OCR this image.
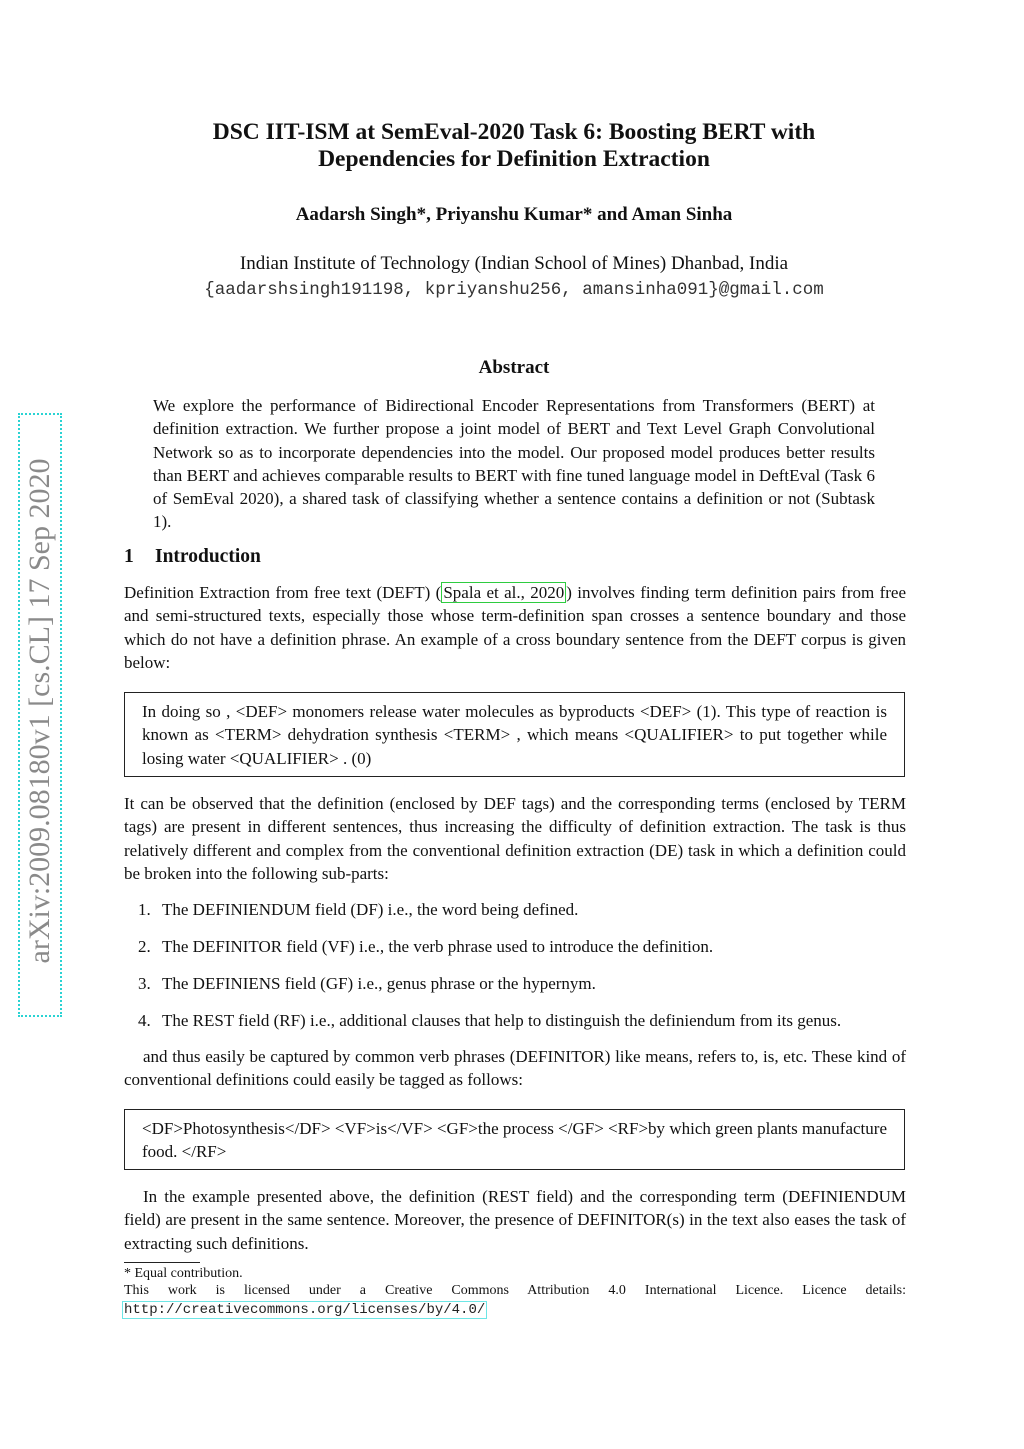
arXiv:2009.08180v1 [cs.CL] 17 Sep 2020
DSC IIT-ISM at SemEval-2020 Task 6: Boosting BERT with
Dependencies for Definition Extraction
Aadarsh Singh*, Priyanshu Kumar* and Aman Sinha
Indian Institute of Technology (Indian School of Mines) Dhanbad, India
{aadarshsingh191198, kpriyanshu256, amansinha091}@gmail.com
Abstract
We explore the performance of Bidirectional Encoder Representations from Transformers (BERT) at definition extraction. We further propose a joint model of BERT and Text Level Graph Convolutional Network so as to incorporate dependencies into the model. Our proposed model produces better results than BERT and achieves comparable results to BERT with fine tuned language model in DeftEval (Task 6 of SemEval 2020), a shared task of classifying whether a sentence contains a definition or not (Subtask 1).
1 Introduction
Definition Extraction from free text (DEFT) ( Spala et al., 2020 ) involves finding term definition pairs from free and semi-structured texts, especially those whose term-definition span crosses a sentence boundary and those which do not have a definition phrase. An example of a cross boundary sentence from the DEFT corpus is given below:
In doing so , <DEF> monomers release water molecules as byproducts <DEF> (1). This type of reaction is known as <TERM> dehydration synthesis <TERM> , which means <QUALIFIER> to put together while losing water <QUALIFIER> . (0)
It can be observed that the definition (enclosed by DEF tags) and the corresponding terms (enclosed by TERM tags) are present in different sentences, thus increasing the difficulty of definition extraction. The task is thus relatively different and complex from the conventional definition extraction (DE) task in which a definition could be broken into the following sub-parts:
1. The DEFINIENDUM field (DF) i.e., the word being defined.
2. The DEFINITOR field (VF) i.e., the verb phrase used to introduce the definition.
3. The DEFINIENS field (GF) i.e., genus phrase or the hypernym.
4. The REST field (RF) i.e., additional clauses that help to distinguish the definiendum from its genus.
and thus easily be captured by common verb phrases (DEFINITOR) like means, refers to, is, etc. These kind of conventional definitions could easily be tagged as follows:
<DF>Photosynthesis</DF> <VF>is</VF> <GF>the process </GF> <RF>by which green plants manufacture food. </RF>
In the example presented above, the definition (REST field) and the corresponding term (DEFINIENDUM field) are present in the same sentence. Moreover, the presence of DEFINITOR(s) in the text also eases the task of extracting such definitions.
* Equal contribution.
This work is licensed under a Creative Commons Attribution 4.0 International Licence. Licence details:
http://creativecommons.org/licenses/by/4.0/
